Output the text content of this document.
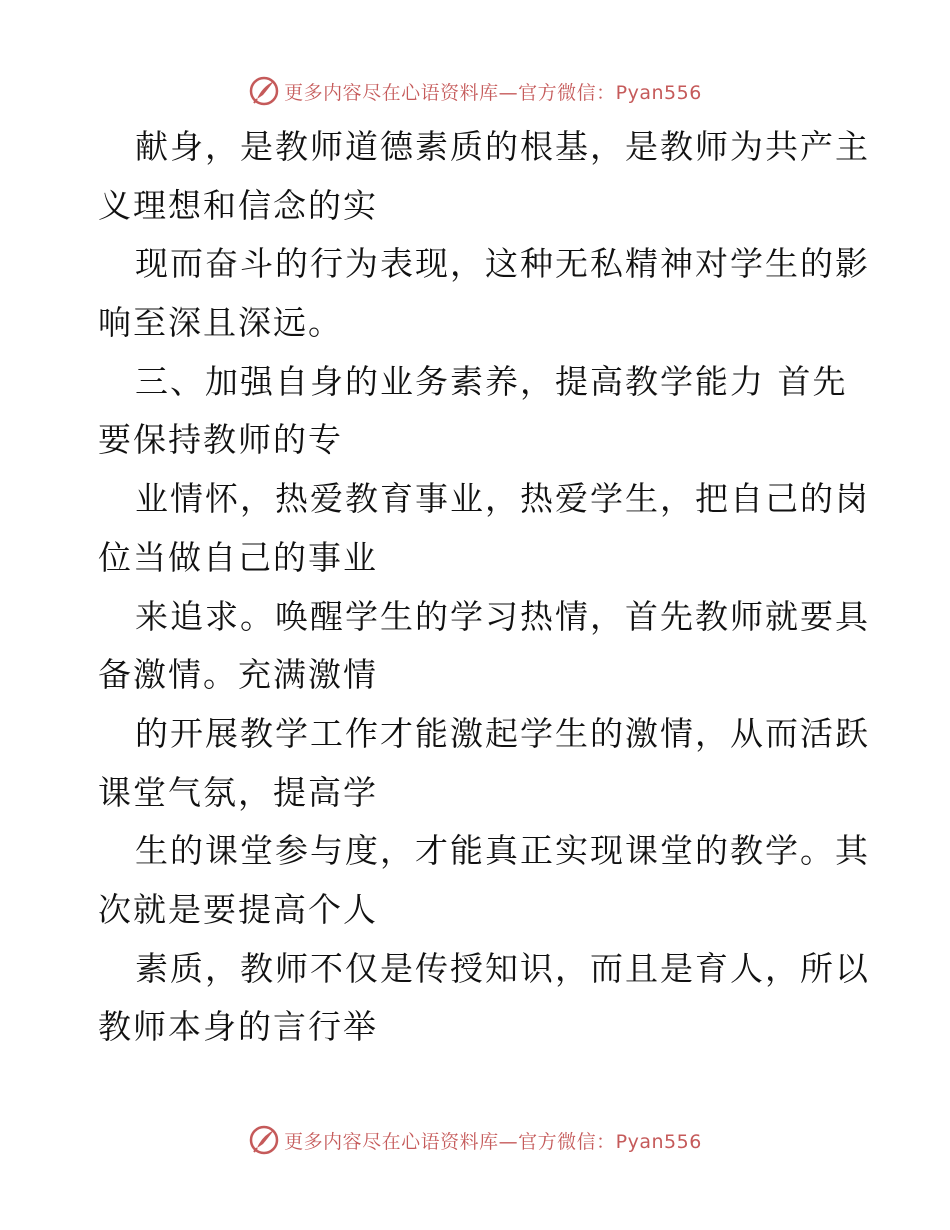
更多内容尽在心语资料库—官方微信：Pyan556
献身，是教师道德素质的根基，是教师为共产主
义理想和信念的实
现而奋斗的行为表现，这种无私精神对学生的影
响至深且深远。
三、加强自身的业务素养，提高教学能力 首先
要保持教师的专
业情怀，热爱教育事业，热爱学生，把自己的岗
位当做自己的事业
来追求。唤醒学生的学习热情，首先教师就要具
备激情。充满激情
的开展教学工作才能激起学生的激情，从而活跃
课堂气氛，提高学
生的课堂参与度，才能真正实现课堂的教学。其
次就是要提高个人
素质，教师不仅是传授知识，而且是育人，所以
教师本身的言行举
更多内容尽在心语资料库—官方微信：Pyan556
